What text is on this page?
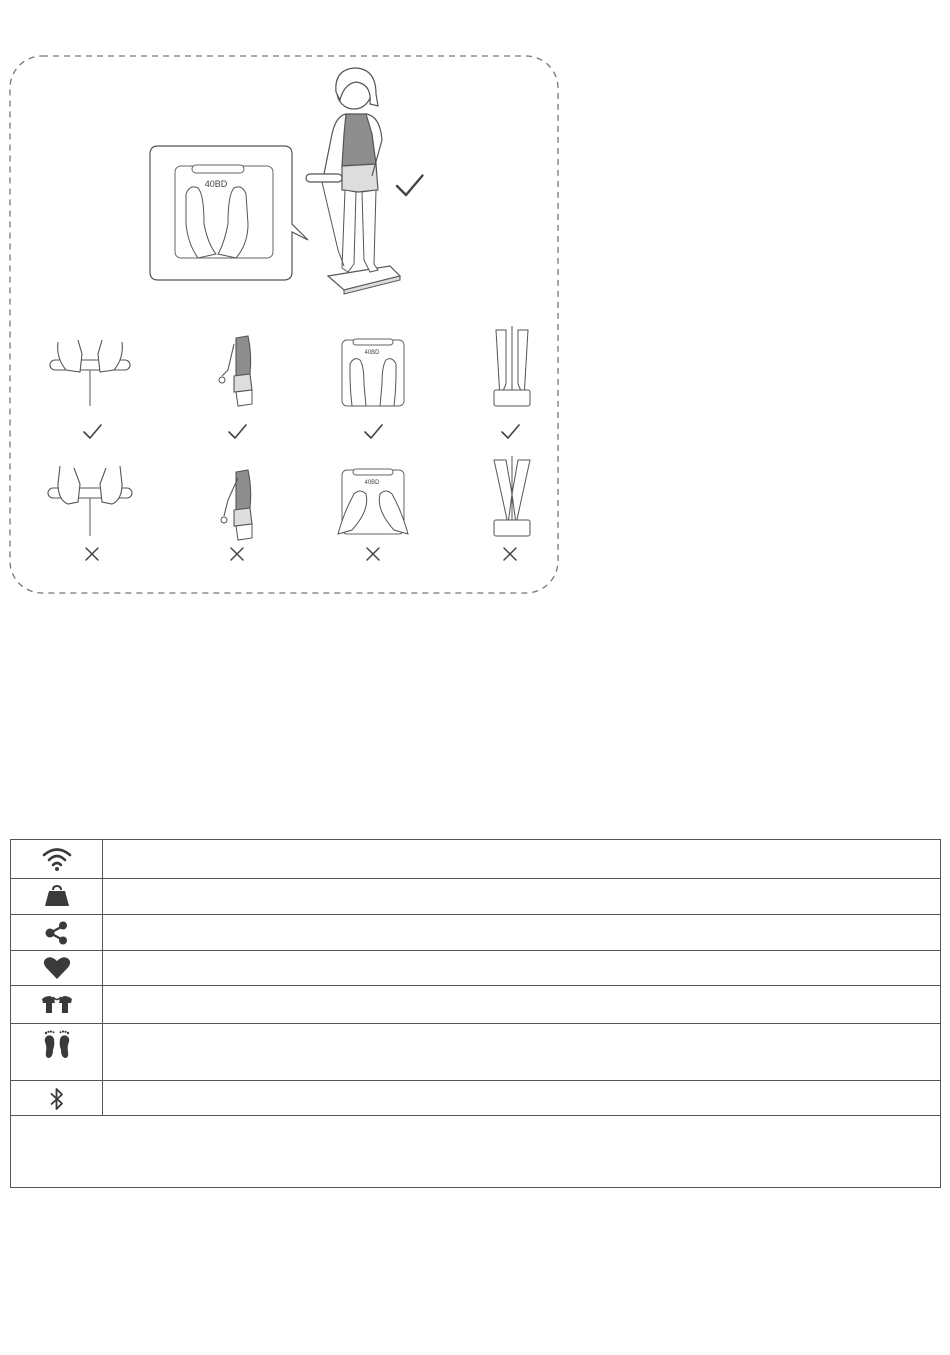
40BD
40BD
40BD
